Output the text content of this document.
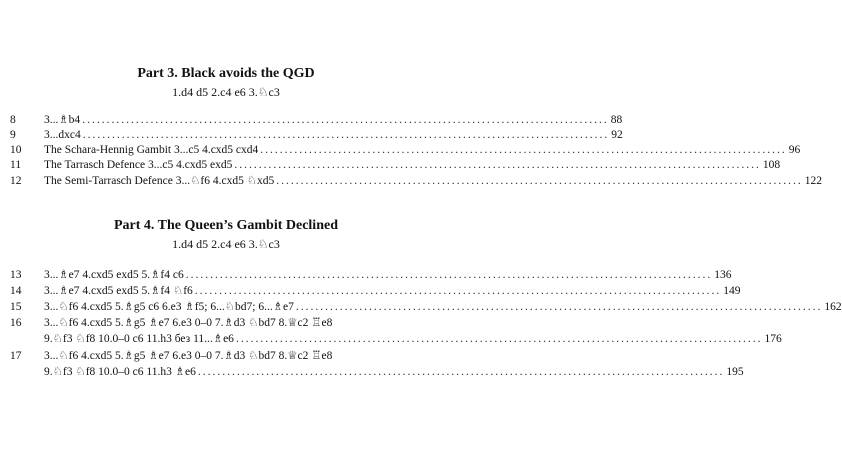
Part 3. Black avoids the QGD
1.d4 d5 2.c4 e6 3.♘c3
8	3...♗b4 ............................................................................................................ 88
9	3...dxc4 ............................................................................................................ 92
10	The Schara-Hennig Gambit 3...c5 4.cxd5 cxd4 ............................................................................................................ 96
11	The Tarrasch Defence 3...c5 4.cxd5 exd5 ............................................................................................................ 108
12	The Semi-Tarrasch Defence 3...♘f6 4.cxd5 ♘xd5 ............................................................................................................ 122
Part 4. The Queen’s Gambit Declined
1.d4 d5 2.c4 e6 3.♘c3
13	3...♗e7 4.cxd5 exd5 5.♗f4 c6 ............................................................................................................ 136
14	3...♗e7 4.cxd5 exd5 5.♗f4 ♘f6 ............................................................................................................ 149
15	3...♘f6 4.cxd5 5.♗g5 c6 6.e3 ♗f5; 6...♘bd7; 6...♗e7 ............................................................................................................ 162
16	3...♘f6 4.cxd5 5.♗g5 ♗e7 6.e3 0–0 7.♗d3 ♘bd7 8.♕c2 ♖e8
9.♘f3 ♘f8 10.0–0 c6 11.h3 без 11...♗e6 ............................................................................................................ 176
17	3...♘f6 4.cxd5 5.♗g5 ♗e7 6.e3 0–0 7.♗d3 ♘bd7 8.♕c2 ♖e8
9.♘f3 ♘f8 10.0–0 c6 11.h3 ♗e6 ............................................................................................................ 195
